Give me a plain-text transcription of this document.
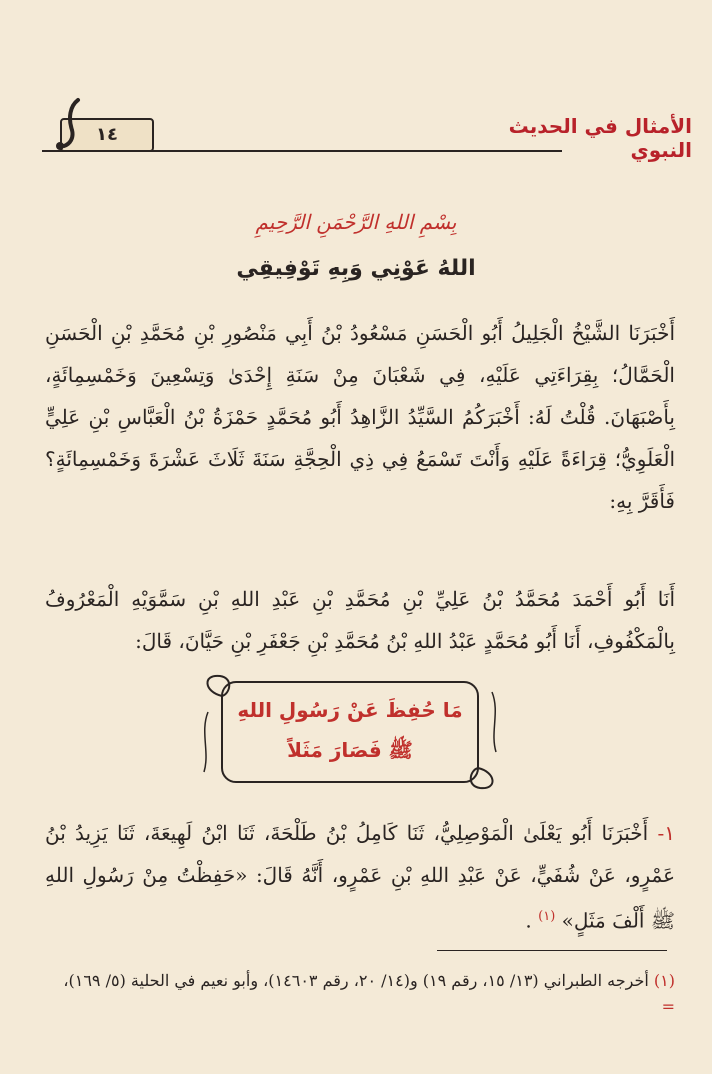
الأمثال في الحديث النبوي
١٤
بِسْمِ اللهِ الرَّحْمَنِ الرَّحِيمِ
اللهُ عَوْنِي وَبِهِ تَوْفِيقِي
أَخْبَرَنَا الشَّيْخُ الْجَلِيلُ أَبُو الْحَسَنِ مَسْعُودُ بْنُ أَبِي مَنْصُورِ بْنِ مُحَمَّدِ بْنِ الْحَسَنِ الْحَمَّالُ؛ بِقِرَاءَتِي عَلَيْهِ، فِي شَعْبَانَ مِنْ سَنَةِ إِحْدَىٰ وَتِسْعِينَ وَخَمْسِمِائَةٍ، بِأَصْبَهَانَ. قُلْتُ لَهُ: أَخْبَرَكُمُ السَّيِّدُ الزَّاهِدُ أَبُو مُحَمَّدٍ حَمْزَةُ بْنُ الْعَبَّاسِ بْنِ عَلِيٍّ الْعَلَوِيُّ؛ قِرَاءَةً عَلَيْهِ وَأَنْتَ تَسْمَعُ فِي ذِي الْحِجَّةِ سَنَةَ ثَلَاثَ عَشْرَةَ وَخَمْسِمِائَةٍ؟ فَأَقَرَّ بِهِ:
مَا حُفِظَ عَنْ رَسُولِ اللهِ
ﷺ فَصَارَ مَثَلاً
أَنَا أَبُو أَحْمَدَ مُحَمَّدُ بْنُ عَلِيِّ بْنِ مُحَمَّدِ بْنِ عَبْدِ اللهِ بْنِ سَمَّوَيْهِ الْمَعْرُوفُ بِالْمَكْفُوفِ، أَنَا أَبُو مُحَمَّدٍ عَبْدُ اللهِ بْنُ مُحَمَّدِ بْنِ جَعْفَرِ بْنِ حَيَّانَ، قَالَ:
١- أَخْبَرَنَا أَبُو يَعْلَىٰ الْمَوْصِلِيُّ، ثَنَا كَامِلُ بْنُ طَلْحَةَ، ثَنَا ابْنُ لَهِيعَةَ، ثَنَا يَزِيدُ بْنُ عَمْرٍو، عَنْ شُفَيٍّ، عَنْ عَبْدِ اللهِ بْنِ عَمْرٍو، أَنَّهُ قَالَ: «حَفِظْتُ مِنْ رَسُولِ اللهِ ﷺ أَلْفَ مَثَلٍ» $^{(١)}$ .
(١) أخرجه الطبراني (١٣/ ١٥، رقم ١٩) و(١٤/ ٢٠، رقم ١٤٦٠٣)، وأبو نعيم في الحلية (٥/ ١٦٩)،
=
